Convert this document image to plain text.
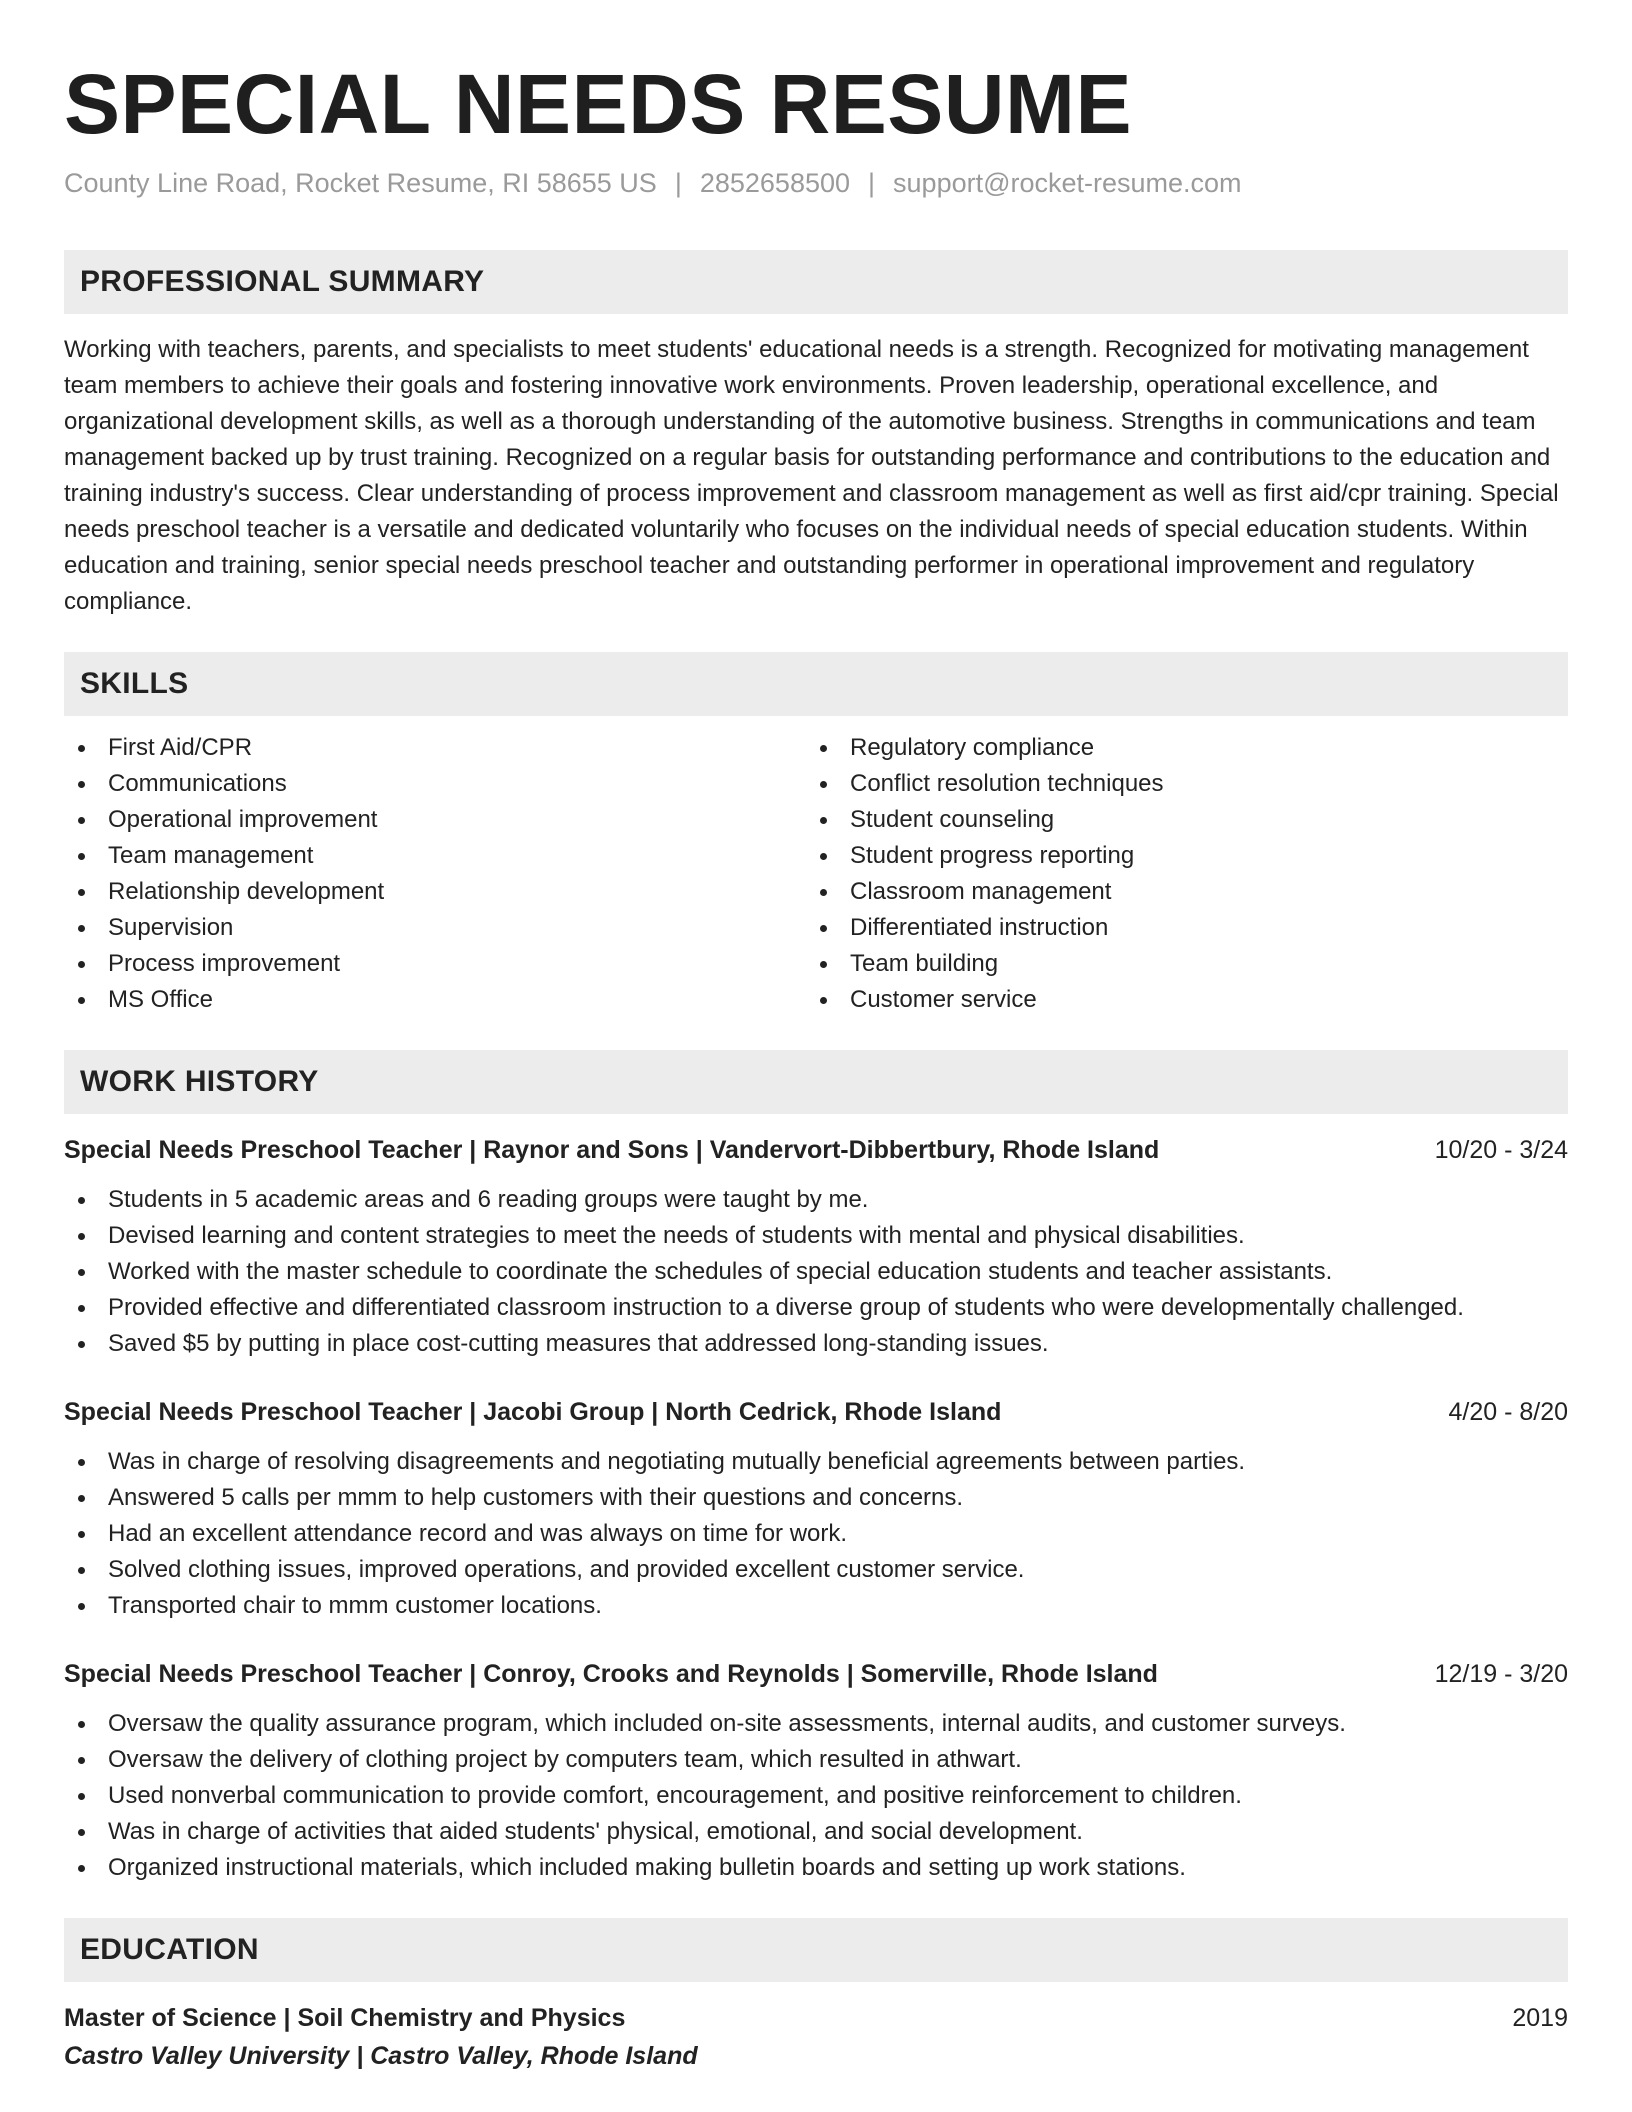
SPECIAL NEEDS RESUME
County Line Road, Rocket Resume, RI 58655 US | 2852658500 | support@rocket-resume.com
PROFESSIONAL SUMMARY
Working with teachers, parents, and specialists to meet students' educational needs is a strength. Recognized for motivating management team members to achieve their goals and fostering innovative work environments. Proven leadership, operational excellence, and organizational development skills, as well as a thorough understanding of the automotive business. Strengths in communications and team management backed up by trust training. Recognized on a regular basis for outstanding performance and contributions to the education and training industry's success. Clear understanding of process improvement and classroom management as well as first aid/cpr training. Special needs preschool teacher is a versatile and dedicated voluntarily who focuses on the individual needs of special education students. Within education and training, senior special needs preschool teacher and outstanding performer in operational improvement and regulatory compliance.
SKILLS
First Aid/CPR
Communications
Operational improvement
Team management
Relationship development
Supervision
Process improvement
MS Office
Regulatory compliance
Conflict resolution techniques
Student counseling
Student progress reporting
Classroom management
Differentiated instruction
Team building
Customer service
WORK HISTORY
Special Needs Preschool Teacher | Raynor and Sons | Vandervort-Dibbertbury, Rhode Island	10/20 - 3/24
Students in 5 academic areas and 6 reading groups were taught by me.
Devised learning and content strategies to meet the needs of students with mental and physical disabilities.
Worked with the master schedule to coordinate the schedules of special education students and teacher assistants.
Provided effective and differentiated classroom instruction to a diverse group of students who were developmentally challenged.
Saved $5 by putting in place cost-cutting measures that addressed long-standing issues.
Special Needs Preschool Teacher | Jacobi Group | North Cedrick, Rhode Island	4/20 - 8/20
Was in charge of resolving disagreements and negotiating mutually beneficial agreements between parties.
Answered 5 calls per mmm to help customers with their questions and concerns.
Had an excellent attendance record and was always on time for work.
Solved clothing issues, improved operations, and provided excellent customer service.
Transported chair to mmm customer locations.
Special Needs Preschool Teacher | Conroy, Crooks and Reynolds | Somerville, Rhode Island	12/19 - 3/20
Oversaw the quality assurance program, which included on-site assessments, internal audits, and customer surveys.
Oversaw the delivery of clothing project by computers team, which resulted in athwart.
Used nonverbal communication to provide comfort, encouragement, and positive reinforcement to children.
Was in charge of activities that aided students' physical, emotional, and social development.
Organized instructional materials, which included making bulletin boards and setting up work stations.
EDUCATION
Master of Science | Soil Chemistry and Physics	2019
Castro Valley University | Castro Valley, Rhode Island
